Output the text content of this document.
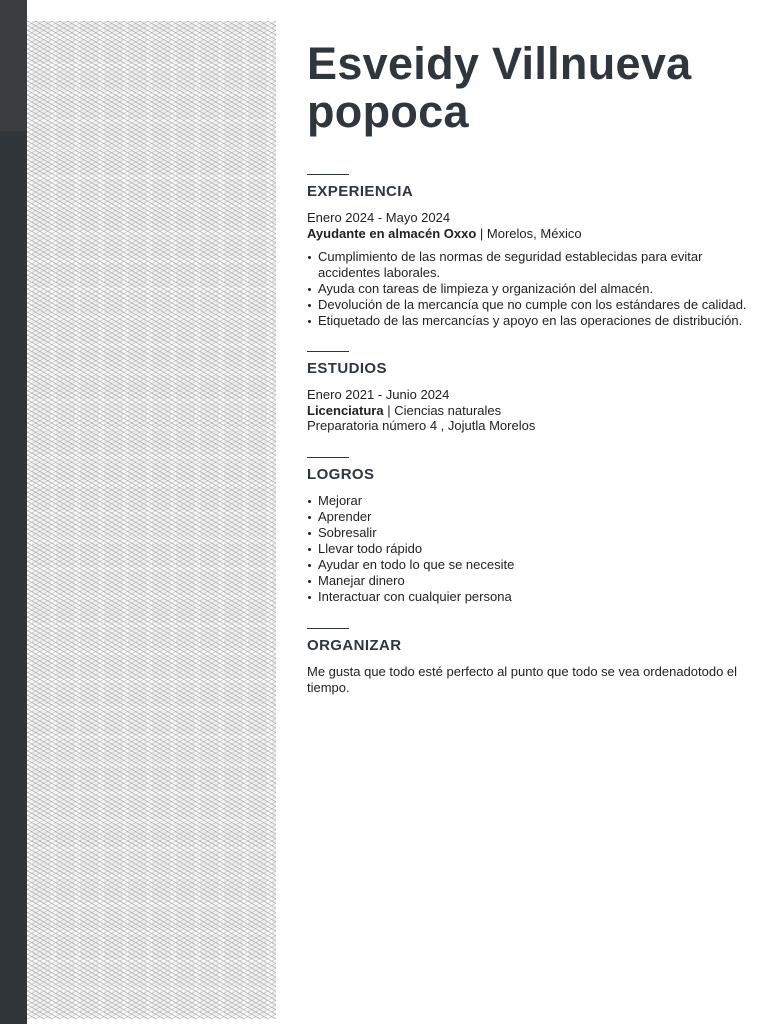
Esveidy Villnueva
popoca
EXPERIENCIA
Enero 2024 - Mayo 2024
Ayudante en almacén Oxxo | Morelos, México
Cumplimiento de las normas de seguridad establecidas para evitar accidentes laborales.
Ayuda con tareas de limpieza y organización del almacén.
Devolución de la mercancía que no cumple con los estándares de calidad.
Etiquetado de las mercancías y apoyo en las operaciones de distribución.
ESTUDIOS
Enero 2021 - Junio 2024
Licenciatura | Ciencias naturales
Preparatoria número 4 , Jojutla Morelos
LOGROS
Mejorar
Aprender
Sobresalir
Llevar todo rápido
Ayudar en todo lo que se necesite
Manejar dinero
Interactuar con cualquier persona
ORGANIZAR

Me gusta que todo esté perfecto al punto que todo se vea ordenadotodo el tiempo.
